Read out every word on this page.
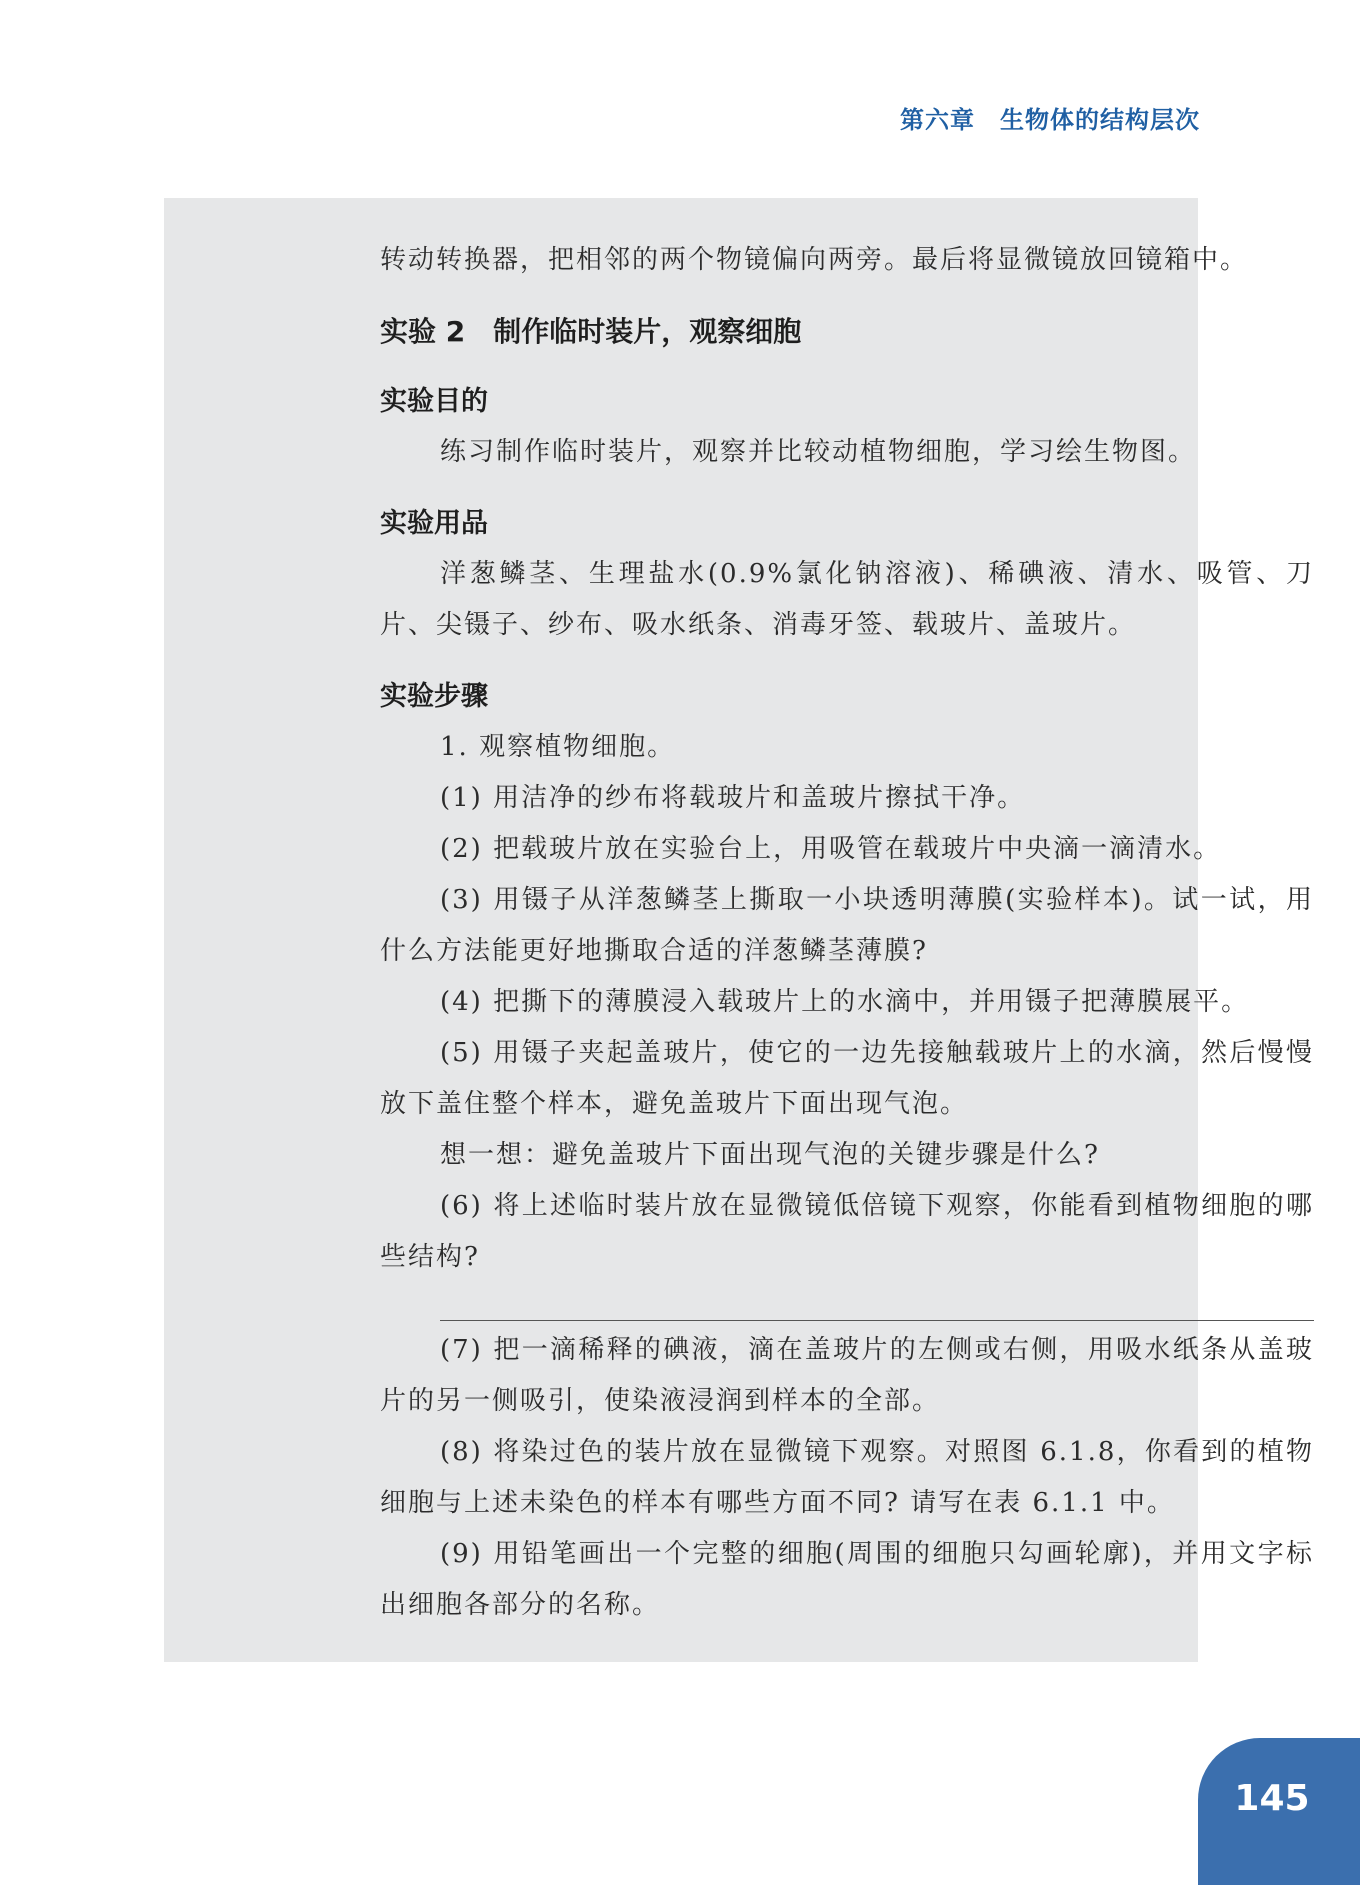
第六章　生物体的结构层次

转动转换器，把相邻的两个物镜偏向两旁。最后将显微镜放回镜箱中。

实验 2　制作临时装片，观察细胞

实验目的

练习制作临时装片，观察并比较动植物细胞，学习绘生物图。

实验用品

洋葱鳞茎、生理盐水(0.9%氯化钠溶液)、稀碘液、清水、吸管、刀片、尖镊子、纱布、吸水纸条、消毒牙签、载玻片、盖玻片。

实验步骤

1. 观察植物细胞。

(1) 用洁净的纱布将载玻片和盖玻片擦拭干净。

(2) 把载玻片放在实验台上，用吸管在载玻片中央滴一滴清水。

(3) 用镊子从洋葱鳞茎上撕取一小块透明薄膜(实验样本)。试一试，用什么方法能更好地撕取合适的洋葱鳞茎薄膜?

(4) 把撕下的薄膜浸入载玻片上的水滴中，并用镊子把薄膜展平。

(5) 用镊子夹起盖玻片，使它的一边先接触载玻片上的水滴，然后慢慢放下盖住整个样本，避免盖玻片下面出现气泡。

想一想：避免盖玻片下面出现气泡的关键步骤是什么?

(6) 将上述临时装片放在显微镜低倍镜下观察，你能看到植物细胞的哪些结构?

(7) 把一滴稀释的碘液，滴在盖玻片的左侧或右侧，用吸水纸条从盖玻片的另一侧吸引，使染液浸润到样本的全部。

(8) 将染过色的装片放在显微镜下观察。对照图 6.1.8，你看到的植物细胞与上述未染色的样本有哪些方面不同? 请写在表 6.1.1 中。

(9) 用铅笔画出一个完整的细胞(周围的细胞只勾画轮廓)，并用文字标出细胞各部分的名称。

145
